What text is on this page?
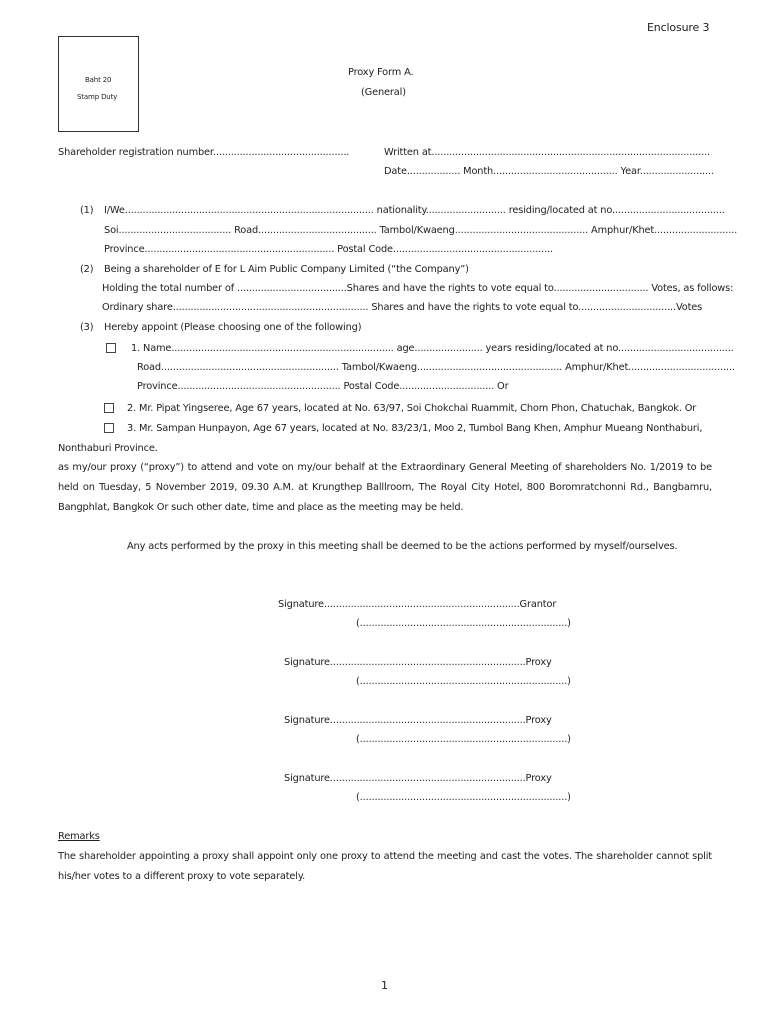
Enclosure 3
Baht 20
Stamp Duty
Proxy Form A.
(General)
Shareholder registration number..............................................	Written at..............................................................................................
Date.................. Month.......................................... Year.........................
(1) I/We.................................................................................... nationality........................... residing/located at no......................................
Soi...................................... Road........................................ Tambol/Kwaeng............................................. Amphur/Khet............................
Province................................................................ Postal Code......................................................
(2) Being a shareholder of E for L Aim Public Company Limited (“the Company”)
Holding the total number of .....................................Shares and have the rights to vote equal to................................ Votes, as follows:
Ordinary share.................................................................. Shares and have the rights to vote equal to.................................Votes
(3) Hereby appoint (Please choosing one of the following)
1. Name........................................................................... age....................... years residing/located at no.......................................
Road............................................................ Tambol/Kwaeng................................................. Amphur/Khet....................................
Province....................................................... Postal Code................................ Or
2. Mr. Pipat Yingseree, Age 67 years, located at No. 63/97, Soi Chokchai Ruammit, Chom Phon, Chatuchak, Bangkok. Or
3. Mr. Sampan Hunpayon, Age 67 years, located at No. 83/23/1, Moo 2, Tumbol Bang Khen, Amphur Mueang Nonthaburi,
Nonthaburi Province.
as my/our proxy (“proxy”) to attend and vote on my/our behalf at the Extraordinary General Meeting of shareholders No. 1/2019 to be
held on Tuesday, 5 November 2019, 09.30 A.M. at Krungthep Balllroom, The Royal City Hotel, 800 Boromratchonni Rd., Bangbamru,
Bangphlat, Bangkok Or such other date, time and place as the meeting may be held.
Any acts performed by the proxy in this meeting shall be deemed to be the actions performed by myself/ourselves.
Signature..................................................................Grantor
(......................................................................)
Signature..................................................................Proxy
(......................................................................)
Signature..................................................................Proxy
(......................................................................)
Signature..................................................................Proxy
(......................................................................)
Remarks
The shareholder appointing a proxy shall appoint only one proxy to attend the meeting and cast the votes. The shareholder cannot split
his/her votes to a different proxy to vote separately.
1
